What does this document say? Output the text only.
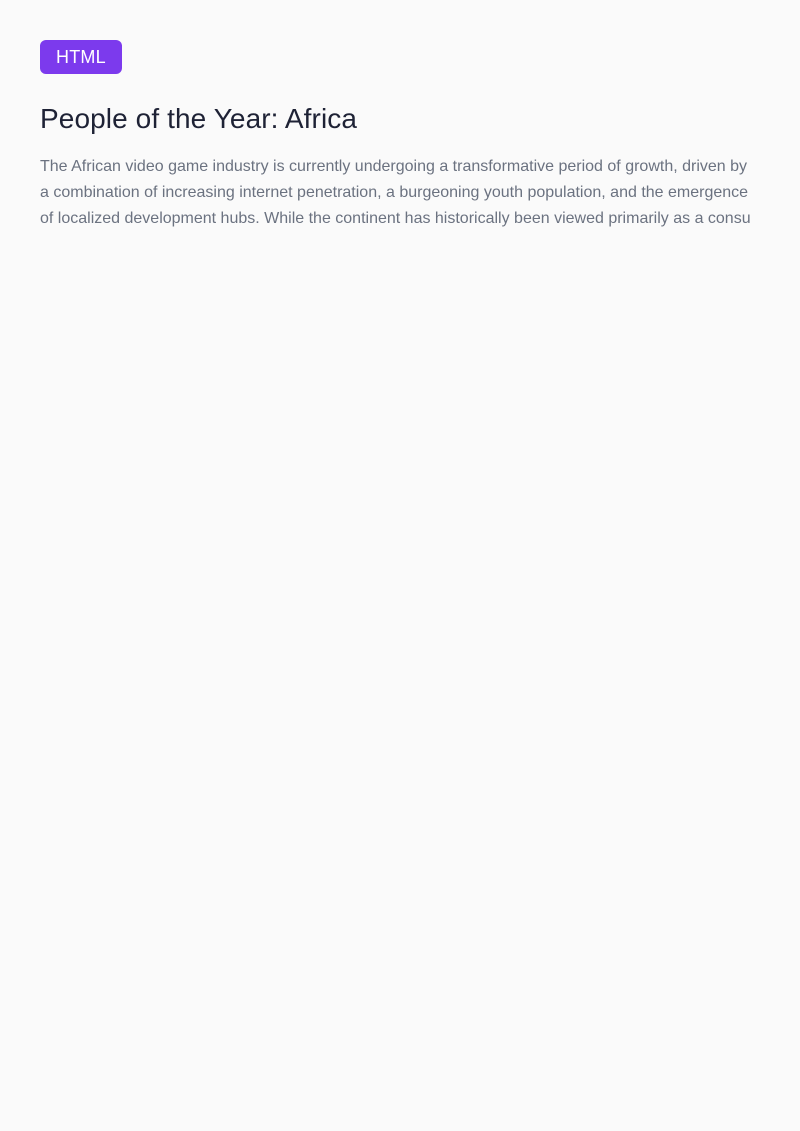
HTML
People of the Year: Africa

The African video game industry is currently undergoing a transformative period of growth, driven by a combination of increasing internet penetration, a burgeoning youth population, and the emergence of localized development hubs. While the continent has historically been viewed primarily as a consu
